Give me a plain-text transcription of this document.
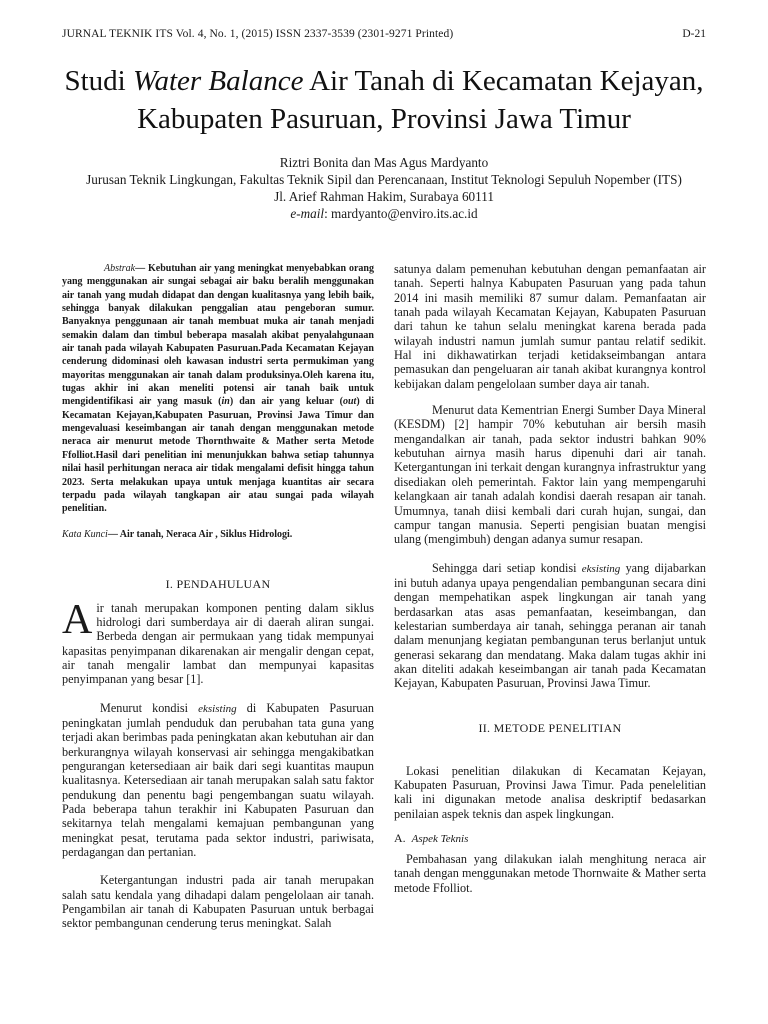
JURNAL TEKNIK ITS Vol. 4, No. 1, (2015) ISSN 2337-3539 (2301-9271 Printed)	D-21
Studi Water Balance Air Tanah di Kecamatan Kejayan, Kabupaten Pasuruan, Provinsi Jawa Timur
Riztri Bonita dan Mas Agus Mardyanto
Jurusan Teknik Lingkungan, Fakultas Teknik Sipil dan Perencanaan, Institut Teknologi Sepuluh Nopember (ITS)
Jl. Arief Rahman Hakim, Surabaya 60111
e-mail: mardyanto@enviro.its.ac.id

Abstrak— Kebutuhan air yang meningkat menyebabkan orang yang menggunakan air sungai sebagai air baku beralih menggunakan air tanah yang mudah didapat dan dengan kualitasnya yang lebih baik, sehingga banyak dilakukan penggalian atau pengeboran sumur. Banyaknya penggunaan air tanah membuat muka air tanah menjadi semakin dalam dan timbul beberapa masalah akibat penyalahgunaan air tanah pada wilayah Kabupaten Pasuruan.Pada Kecamatan Kejayan cenderung didominasi oleh kawasan industri serta permukiman yang mayoritas menggunakan air tanah dalam produksinya.Oleh karena itu, tugas akhir ini akan meneliti potensi air tanah baik untuk mengidentifikasi air yang masuk (in) dan air yang keluar (out) di Kecamatan Kejayan,Kabupaten Pasuruan, Provinsi Jawa Timur dan mengevaluasi keseimbangan air tanah dengan menggunakan metode neraca air menurut metode Thornthwaite & Mather serta Metode Ffolliot.Hasil dari penelitian ini menunjukkan bahwa setiap tahunnya nilai hasil perhitungan neraca air tidak mengalami defisit hingga tahun 2023. Serta melakukan upaya untuk menjaga kuantitas air secara terpadu pada wilayah tangkapan air atau sungai pada wilayah penelitian.

Kata Kunci— Air tanah, Neraca Air , Siklus Hidrologi.

I. PENDAHULUAN

Air tanah merupakan komponen penting dalam siklus hidrologi dari sumberdaya air di daerah aliran sungai. Berbeda dengan air permukaan yang tidak mempunyai kapasitas penyimpanan dikarenakan air mengalir dengan cepat, air tanah mengalir lambat dan mempunyai kapasitas penyimpanan yang besar [1].

Menurut kondisi eksisting di Kabupaten Pasuruan peningkatan jumlah penduduk dan perubahan tata guna yang terjadi akan berimbas pada peningkatan akan kebutuhan air dan berkurangnya wilayah konservasi air sehingga mengakibatkan pengurangan ketersediaan air baik dari segi kuantitas maupun kualitasnya. Ketersediaan air tanah merupakan salah satu faktor pendukung dan penentu bagi pengembangan suatu wilayah. Pada beberapa tahun terakhir ini Kabupaten Pasuruan dan sekitarnya telah mengalami kemajuan pembangunan yang meningkat pesat, terutama pada sektor industri, pariwisata, perdagangan dan pertanian.

Ketergantungan industri pada air tanah merupakan salah satu kendala yang dihadapi dalam pengelolaan air tanah. Pengambilan air tanah di Kabupaten Pasuruan untuk berbagai sektor pembangunan cenderung terus meningkat. Salah

satunya dalam pemenuhan kebutuhan dengan pemanfaatan air tanah. Seperti halnya Kabupaten Pasuruan yang pada tahun 2014 ini masih memiliki 87 sumur dalam. Pemanfaatan air tanah pada wilayah Kecamatan Kejayan, Kabupaten Pasuruan dari tahun ke tahun selalu meningkat karena berada pada wilayah industri namun jumlah sumur pantau relatif sedikit. Hal ini dikhawatirkan terjadi ketidakseimbangan antara pemasukan dan pengeluaran air tanah akibat kurangnya kontrol kebijakan dalam pengelolaan sumber daya air tanah.

Menurut data Kementrian Energi Sumber Daya Mineral (KESDM) [2] hampir 70% kebutuhan air bersih masih mengandalkan air tanah, pada sektor industri bahkan 90% kebutuhan airnya masih harus dipenuhi dari air tanah. Ketergantungan ini terkait dengan kurangnya infrastruktur yang disediakan oleh pemerintah. Faktor lain yang mempengaruhi kelangkaan air tanah adalah kondisi daerah resapan air tanah. Umumnya, tanah diisi kembali dari curah hujan, sungai, dan campur tangan manusia. Seperti pengisian buatan mengisi ulang (mengimbuh) dengan adanya sumur resapan.

Sehingga dari setiap kondisi eksisting yang dijabarkan ini butuh adanya upaya pengendalian pembangunan secara dini dengan mempehatikan aspek lingkungan air tanah yang berdasarkan atas asas pemanfaatan, keseimbangan, dan kelestarian sumberdaya air tanah, sehingga peranan air tanah dalam menunjang kegiatan pembangunan terus berlanjut untuk generasi sekarang dan mendatang. Maka dalam tugas akhir ini akan diteliti adakah keseimbangan air tanah pada Kecamatan Kejayan, Kabupaten Pasuruan, Provinsi Jawa Timur.

II. METODE PENELITIAN

Lokasi penelitian dilakukan di Kecamatan Kejayan, Kabupaten Pasuruan, Provinsi Jawa Timur. Pada penelelitian kali ini digunakan metode analisa deskriptif bedasarkan penilaian aspek teknis dan aspek lingkungan.

A. Aspek Teknis

Pembahasan yang dilakukan ialah menghitung neraca air tanah dengan menggunakan metode Thornwaite & Mather serta metode Ffolliot.
